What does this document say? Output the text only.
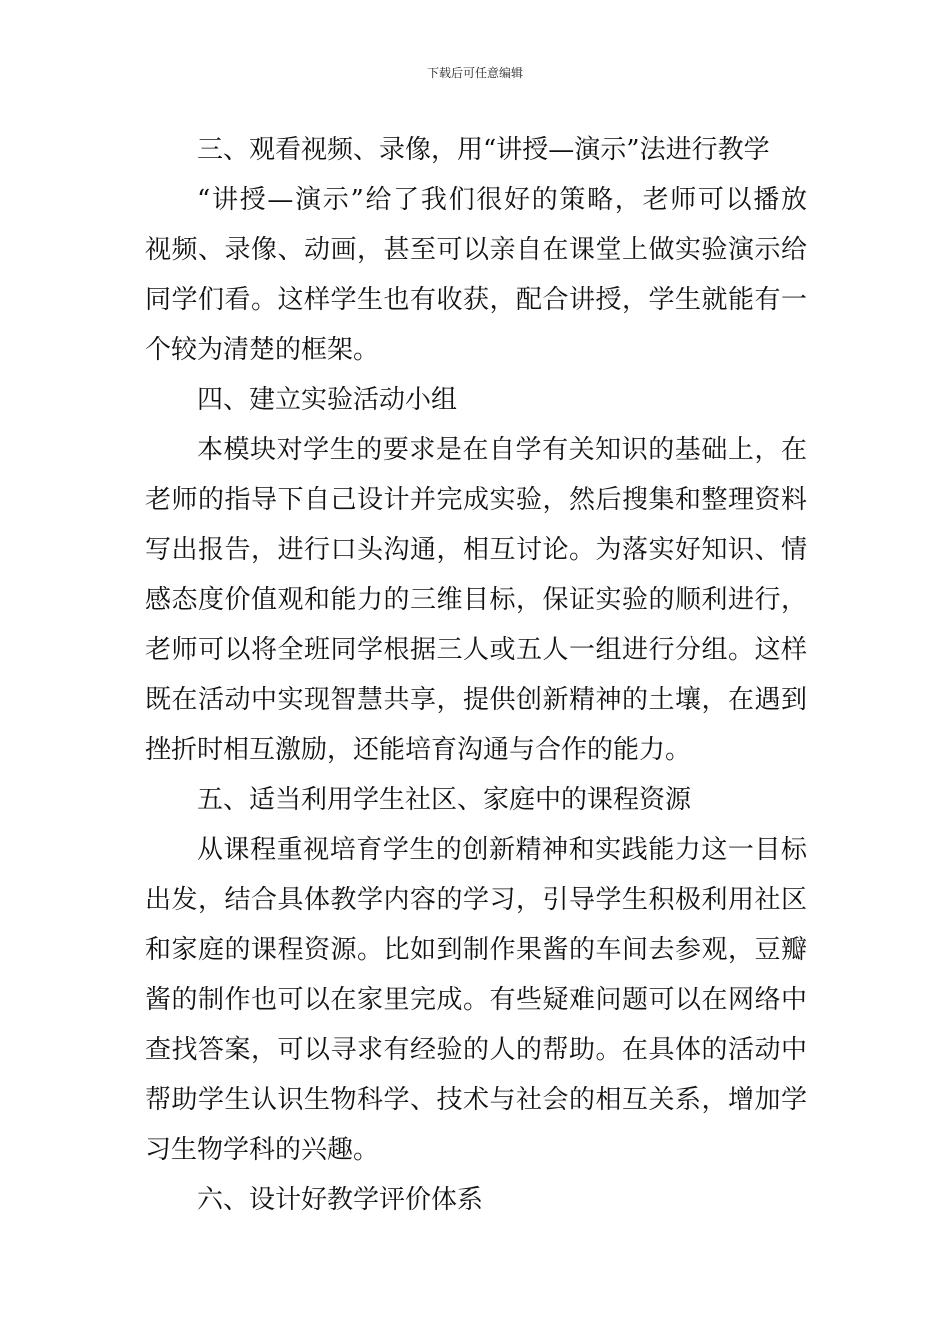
下载后可任意编辑
三、观看视频、录像，用“讲授—演示”法进行教学
“讲授—演示”给了我们很好的策略，老师可以播放
视频、录像、动画，甚至可以亲自在课堂上做实验演示给
同学们看。这样学生也有收获，配合讲授，学生就能有一
个较为清楚的框架。
四、建立实验活动小组
本模块对学生的要求是在自学有关知识的基础上，在
老师的指导下自己设计并完成实验，然后搜集和整理资料
写出报告，进行口头沟通，相互讨论。为落实好知识、情
感态度价值观和能力的三维目标，保证实验的顺利进行，
老师可以将全班同学根据三人或五人一组进行分组。这样
既在活动中实现智慧共享，提供创新精神的土壤，在遇到
挫折时相互激励，还能培育沟通与合作的能力。
五、适当利用学生社区、家庭中的课程资源
从课程重视培育学生的创新精神和实践能力这一目标
出发，结合具体教学内容的学习，引导学生积极利用社区
和家庭的课程资源。比如到制作果酱的车间去参观，豆瓣
酱的制作也可以在家里完成。有些疑难问题可以在网络中
查找答案，可以寻求有经验的人的帮助。在具体的活动中
帮助学生认识生物科学、技术与社会的相互关系，增加学
习生物学科的兴趣。
六、设计好教学评价体系
